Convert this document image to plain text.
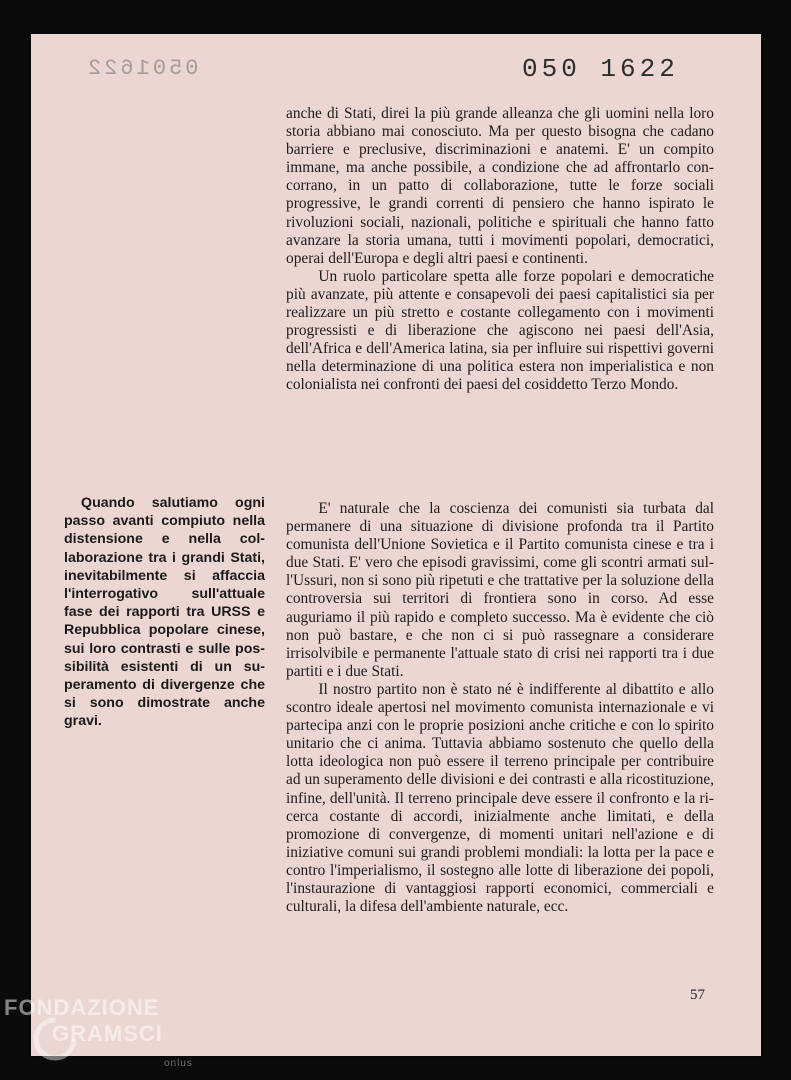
0501622	050 1622

anche di Stati, direi la più grande alleanza che gli uomini nella loro storia abbiano mai conosciuto. Ma per questo bisogna che cadano barriere e preclusive, discriminazioni e anatemi. E' un compito immane, ma anche possibile, a condizione che ad affrontarlo concorrano, in un patto di collaborazione, tutte le forze sociali progressive, le grandi correnti di pensiero che hanno ispirato le rivoluzioni sociali, nazionali, politiche e spirituali che hanno fatto avanzare la storia umana, tutti i movimenti popolari, democratici, operai dell'Europa e degli altri paesi e continenti.

Un ruolo particolare spetta alle forze popolari e democratiche più avanzate, più attente e consapevoli dei paesi capitalistici sia per realizzare un più stretto e costante collegamento con i movimenti progressisti e di liberazione che agiscono nei paesi dell'Asia, dell'Africa e dell'America latina, sia per influire sui rispettivi governi nella determinazione di una politica estera non imperialistica e non colonialista nei confronti dei paesi del cosiddetto Terzo Mondo.

Quando salutiamo ogni passo avanti compiuto nella distensione e nella collaborazione tra i grandi Stati, inevitabilmente si affaccia l'interrogativo sull'attuale fase dei rapporti tra URSS e Repubblica popolare cinese, sui loro contrasti e sulle possibilità esistenti di un superamento di divergenze che si sono dimostrate anche gravi.

E' naturale che la coscienza dei comunisti sia turbata dal permanere di una situazione di divisione profonda tra il Partito comunista dell'Unione Sovietica e il Partito comunista cinese e tra i due Stati. E' vero che episodi gravissimi, come gli scontri armati sull'Ussuri, non si sono più ripetuti e che trattative per la soluzione della controversia sui territori di frontiera sono in corso. Ad esse auguriamo il più rapido e completo successo. Ma è evidente che ciò non può bastare, e che non ci si può rassegnare a considerare irrisolvibile e permanente l'attuale stato di crisi nei rapporti tra i due partiti e i due Stati.

Il nostro partito non è stato né è indifferente al dibattito e allo scontro ideale apertosi nel movimento comunista internazionale e vi partecipa anzi con le proprie posizioni anche critiche e con lo spirito unitario che ci anima. Tuttavia abbiamo sostenuto che quello della lotta ideologica non può essere il terreno principale per contribuire ad un superamento delle divisioni e dei contrasti e alla ricostituzione, infine, dell'unità. Il terreno principale deve essere il confronto e la ricerca costante di accordi, inizialmente anche limitati, e della promozione di convergenze, di momenti unitari nell'azione e di iniziative comuni sui grandi problemi mondiali: la lotta per la pace e contro l'imperialismo, il sostegno alle lotte di liberazione dei popoli, l'instaurazione di vantaggiosi rapporti economici, commerciali e culturali, la difesa dell'ambiente naturale, ecc.

57
FONDAZIONE
GRAMSCI
onlus
